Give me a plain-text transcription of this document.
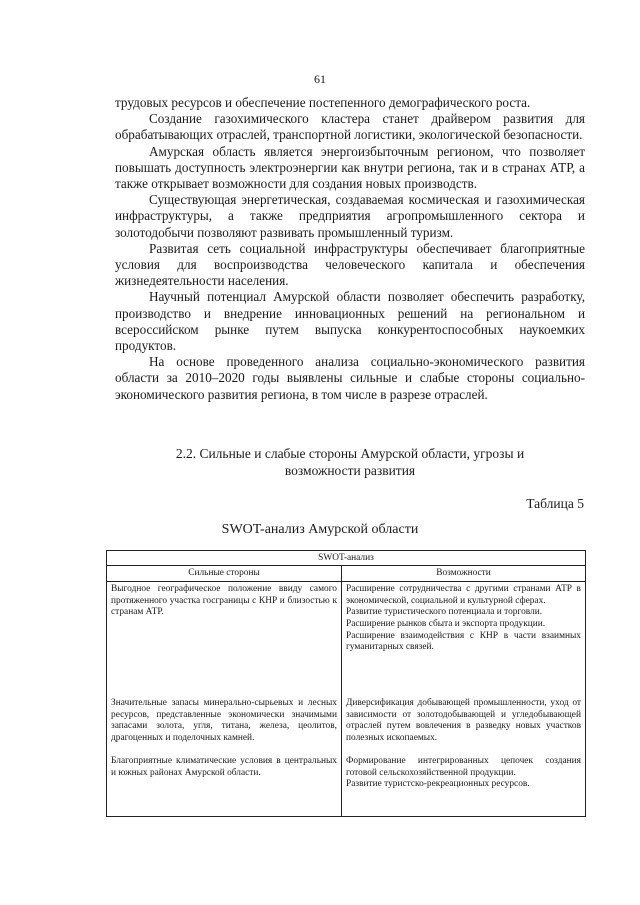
61

трудовых ресурсов и обеспечение постепенного демографического роста.

Создание газохимического кластера станет драйвером развития для обрабатывающих отраслей, транспортной логистики, экологической безопасности.

Амурская область является энергоизбыточным регионом, что позволяет повышать доступность электроэнергии как внутри региона, так и в странах АТР, а также открывает возможности для создания новых производств.

Существующая энергетическая, создаваемая космическая и газохимическая инфраструктуры, а также предприятия агропромышленного сектора и золотодобычи позволяют развивать промышленный туризм.

Развитая сеть социальной инфраструктуры обеспечивает благоприятные условия для воспроизводства человеческого капитала и обеспечения жизнедеятельности населения.

Научный потенциал Амурской области позволяет обеспечить разработку, производство и внедрение инновационных решений на региональном и всероссийском рынке путем выпуска конкурентоспособных наукоемких продуктов.

На основе проведенного анализа социально-экономического развития области за 2010–2020 годы выявлены сильные и слабые стороны социально-экономического развития региона, в том числе в разрезе отраслей.

2.2. Сильные и слабые стороны Амурской области, угрозы и
возможности развития
Таблица 5
SWOT-анализ Амурской области
SWOT-анализ	
Сильные стороны	Возможности

Выгодное географическое положение ввиду самого протяженного участка госграницы с КНР и близостью к странам АТР.	Расширение сотрудничества с другими странами АТР в экономической, социальной и культурной сферах.
Развитие туристического потенциала и торговли.
Расширение рынков сбыта и экспорта продукции.
Расширение взаимодействия с КНР в части взаимных гуманитарных связей.

Значительные запасы минерально-сырьевых и лесных ресурсов, представленные экономически значимыми запасами золота, угля, титана, железа, цеолитов, драгоценных и поделочных камней.	Диверсификация добывающей промышленности, уход от зависимости от золотодобывающей и угледобывающей отраслей путем вовлечения в разведку новых участков полезных ископаемых.

Благоприятные климатические условия в центральных и южных районах Амурской области.	Формирование интегрированных цепочек создания готовой сельскохозяйственной продукции.
Развитие туристско-рекреационных ресурсов.
